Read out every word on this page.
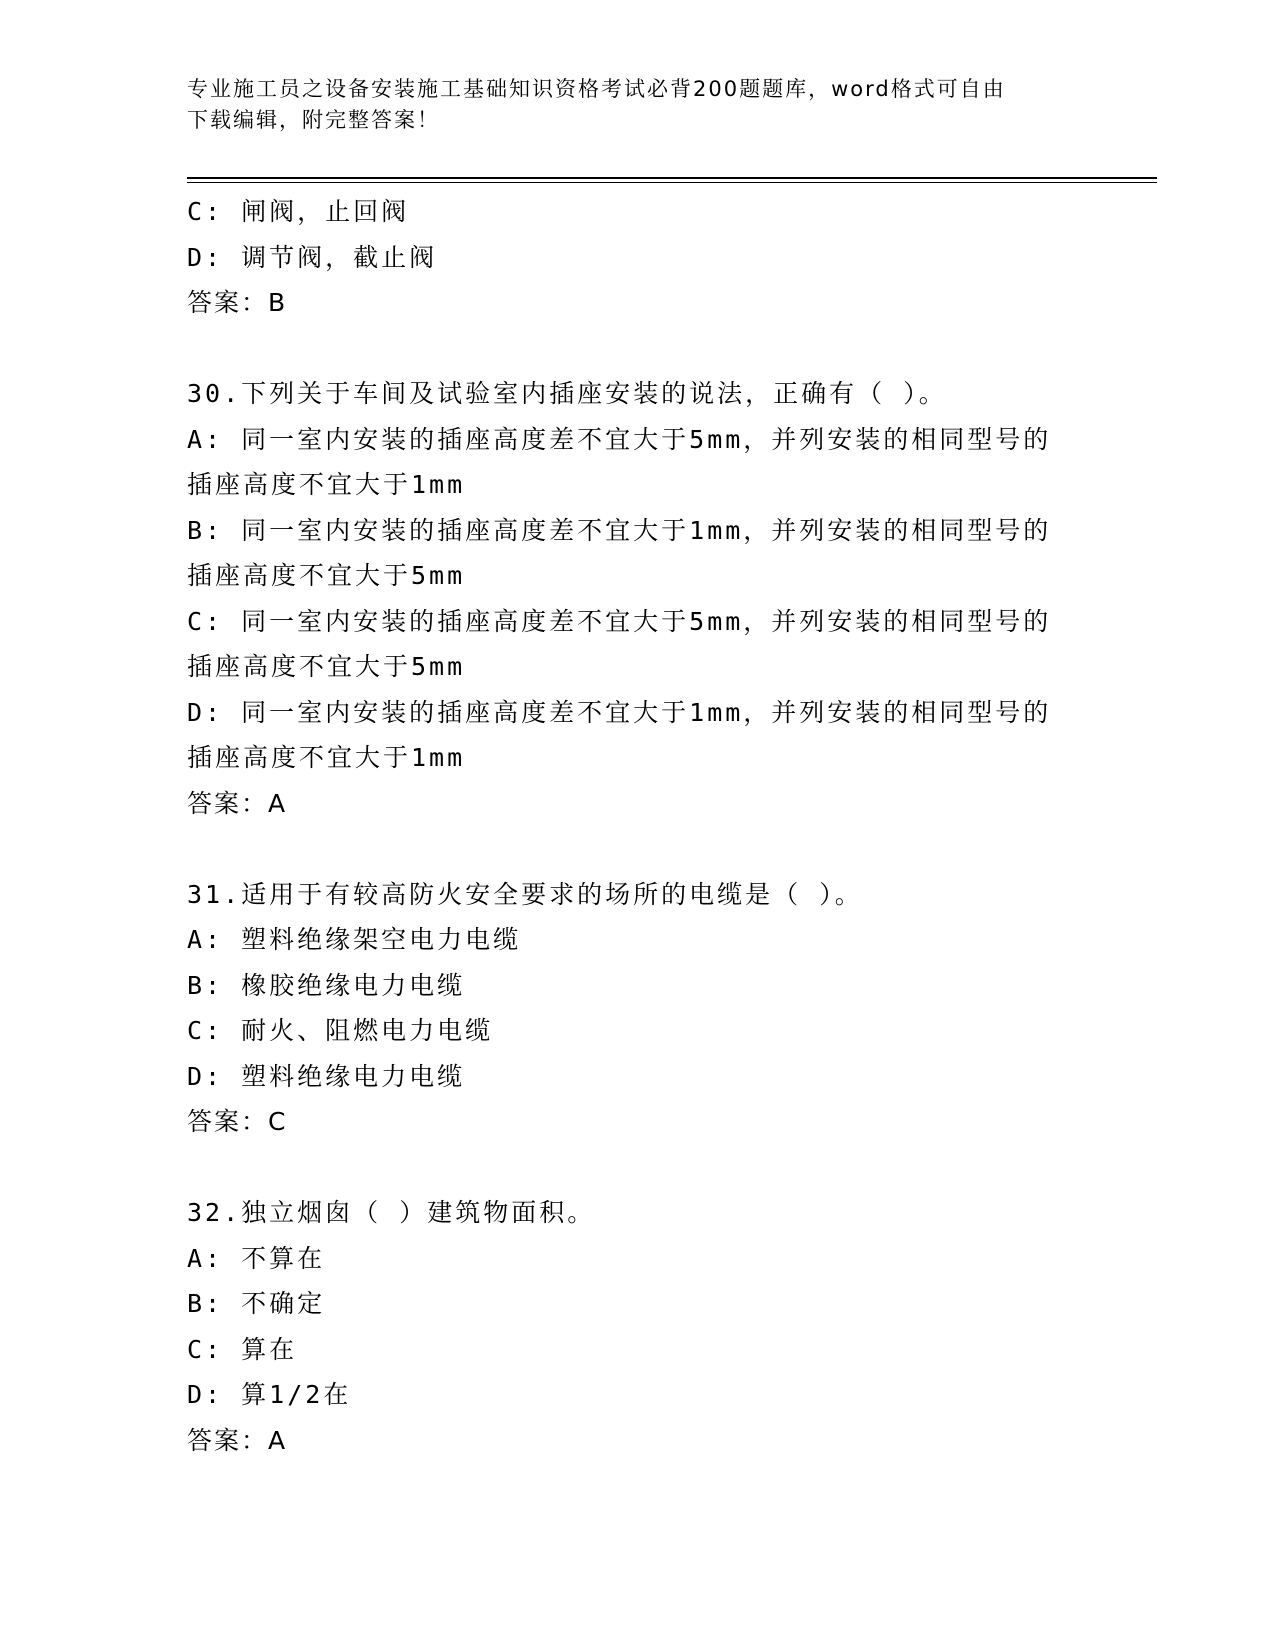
专业施工员之设备安装施工基础知识资格考试必背200题题库，word格式可自由
下载编辑，附完整答案！
C: 闸阀，止回阀
D: 调节阀，截止阀
答案：B
30.下列关于车间及试验室内插座安装的说法，正确有（ ）。
A: 同一室内安装的插座高度差不宜大于5mm，并列安装的相同型号的
插座高度不宜大于1mm
B: 同一室内安装的插座高度差不宜大于1mm，并列安装的相同型号的
插座高度不宜大于5mm
C: 同一室内安装的插座高度差不宜大于5mm，并列安装的相同型号的
插座高度不宜大于5mm
D: 同一室内安装的插座高度差不宜大于1mm，并列安装的相同型号的
插座高度不宜大于1mm
答案：A
31.适用于有较高防火安全要求的场所的电缆是（ ）。
A: 塑料绝缘架空电力电缆
B: 橡胶绝缘电力电缆
C: 耐火、阻燃电力电缆
D: 塑料绝缘电力电缆
答案：C
32.独立烟囱（ ）建筑物面积。
A: 不算在
B: 不确定
C: 算在
D: 算1/2在
答案：A
